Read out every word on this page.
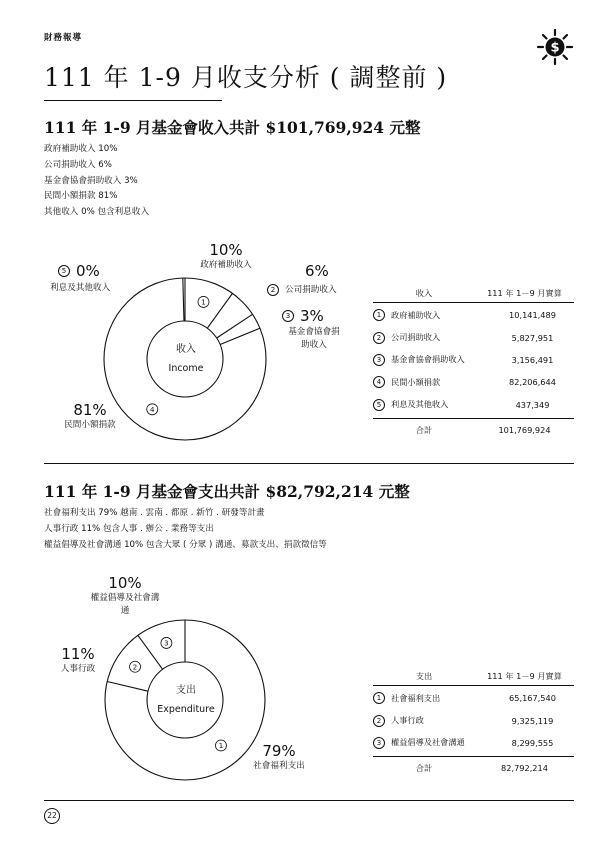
財務報導
$
111 年 1-9 月收支分析 ( 調整前 )
111 年 1-9 月基金會收入共計 $101,769,924 元整
政府補助收入 10%
公司捐助收入 6%
基金會協會捐助收入 3%
民間小額捐款 81%
其他收入 0% 包含利息收入
1
4
收入
Income
10%
政府補助收入	6%
2	公司捐助收入
3 3%
基金會協會捐助收入
5 0%
利息及其他收入
81%
民間小額捐款
收入	111 年 1－9 月實算
1	政府補助收入	10,141,489
2	公司捐助收入	5,827,951
3	基金會協會捐助收入	3,156,491
4	民間小額捐款	82,206,644
5	利息及其他收入	437,349
合計	101,769,924
111 年 1-9 月基金會支出共計 $82,792,214 元整
社會福利支出 79% 越南 . 雲南 . 都原 . 新竹 . 研發等計畫
人事行政 11% 包含人事 . 辦公 . 業務等支出
權益倡導及社會溝通 10% 包含大眾 ( 分眾 ) 溝通、募款支出、捐款徵信等
1
2
3
支出
Expenditure
10%
權益倡導及社會溝通
11%
人事行政
79%
社會福利支出
支出	111 年 1－9 月實算
1	社會福利支出	65,167,540
2	人事行政	9,325,119
3	權益倡導及社會溝通	8,299,555
合計	82,792,214
22
